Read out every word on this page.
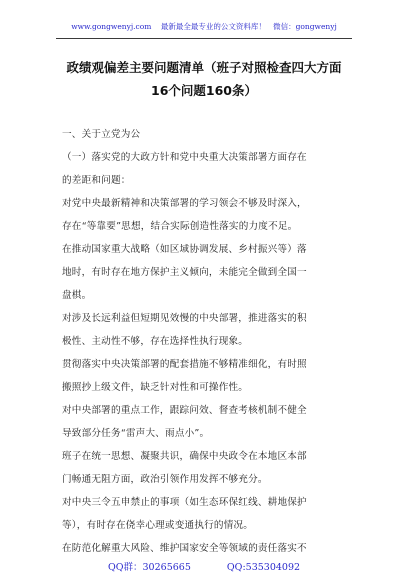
www.gongwenyj.com 最新最全最专业的公文资料库！ 微信：gongwenyj
政绩观偏差主要问题清单（班子对照检查四大方面
16个问题160条）
一、关于立党为公
（一）落实党的大政方针和党中央重大决策部署方面存在
的差距和问题：
对党中央最新精神和决策部署的学习领会不够及时深入，
存在“等靠要”思想，结合实际创造性落实的力度不足。
在推动国家重大战略（如区域协调发展、乡村振兴等）落
地时，有时存在地方保护主义倾向，未能完全做到全国一
盘棋。
对涉及长远利益但短期见效慢的中央部署，推进落实的积
极性、主动性不够，存在选择性执行现象。
贯彻落实中央决策部署的配套措施不够精准细化，有时照
搬照抄上级文件，缺乏针对性和可操作性。
对中央部署的重点工作，跟踪问效、督查考核机制不健全
导致部分任务“雷声大、雨点小”。
班子在统一思想、凝聚共识，确保中央政令在本地区本部
门畅通无阻方面，政治引领作用发挥不够充分。
对中央三令五申禁止的事项（如生态环保红线、耕地保护
等），有时存在侥幸心理或变通执行的情况。
在防范化解重大风险、维护国家安全等领域的责任落实不
QQ群：30265665	QQ:535304092
